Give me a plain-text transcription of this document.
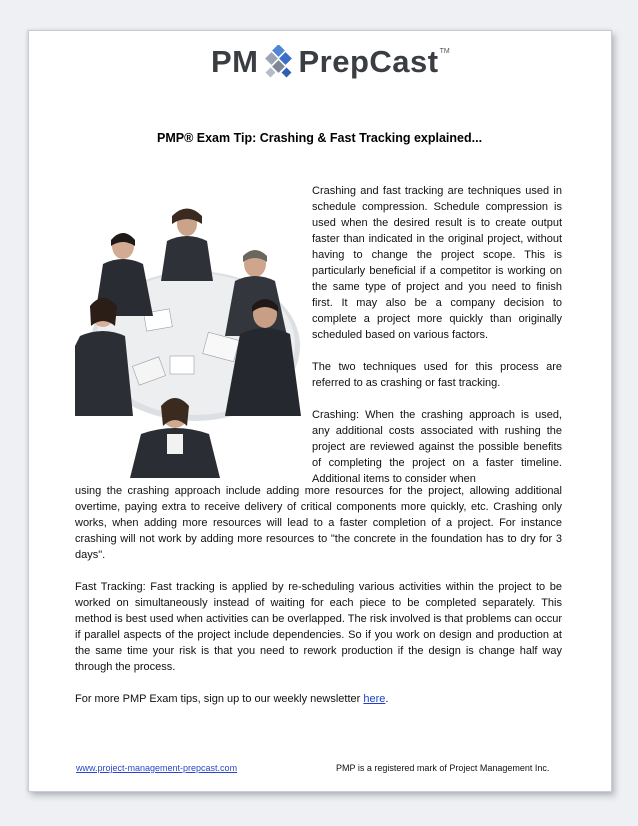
PM PrepCast TM
PMP® Exam Tip: Crashing & Fast Tracking explained...

Crashing and fast tracking are techniques used in schedule compression. Schedule compression is used when the desired result is to create output faster than indicated in the original project, without having to change the project scope. This is particularly beneficial if a competitor is working on the same type of project and you need to finish first. It may also be a company decision to complete a project more quickly than originally scheduled based on various factors.

The two techniques used for this process are referred to as crashing or fast tracking.

Crashing: When the crashing approach is used, any additional costs associated with rushing the project are reviewed against the possible benefits of completing the project on a faster timeline. Additional items to consider when

using the crashing approach include adding more resources for the project, allowing additional overtime, paying extra to receive delivery of critical components more quickly, etc. Crashing only works, when adding more resources will lead to a faster completion of a project. For instance crashing will not work by adding more resources to "the concrete in the foundation has to dry for 3 days".

Fast Tracking: Fast tracking is applied by re-scheduling various activities within the project to be worked on simultaneously instead of waiting for each piece to be completed separately. This method is best used when activities can be overlapped. The risk involved is that problems can occur if parallel aspects of the project include dependencies. So if you work on design and production at the same time your risk is that you need to rework production if the design is change half way through the process.

For more PMP Exam tips, sign up to our weekly newsletter here.

www.project-management-prepcast.com	PMP is a registered mark of Project Management Inc.
